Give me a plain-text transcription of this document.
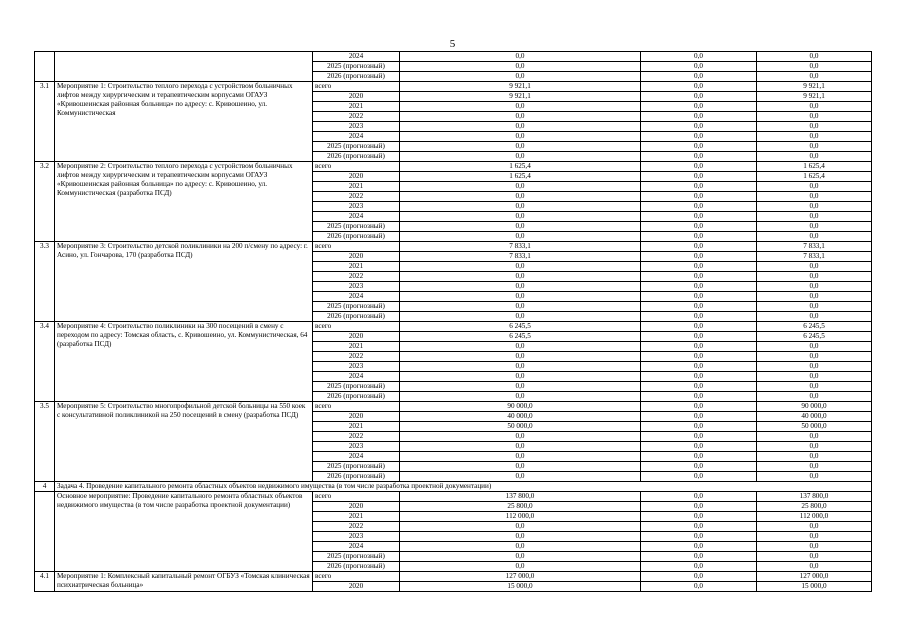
5
		2024	0,0	0,0	0,0
		2025 (прогнозный)	0,0	0,0	0,0
		2026 (прогнозный)	0,0	0,0	0,0
3.1	Мероприятие 1: Строительство теплого перехода с устройством больничных лифтов между хирургическим и терапевтическим корпусами ОГАУЗ «Кривошеинская районная больница» по адресу: с. Кривошеино, ул. Коммунистическая	всего	9 921,1	0,0	9 921,1
		2020	9 921,1	0,0	9 921,1
		2021	0,0	0,0	0,0
		2022	0,0	0,0	0,0
		2023	0,0	0,0	0,0
		2024	0,0	0,0	0,0
		2025 (прогнозный)	0,0	0,0	0,0
		2026 (прогнозный)	0,0	0,0	0,0
3.2	Мероприятие 2: Строительство теплого перехода с устройством больничных лифтов между хирургическим и терапевтическим корпусами ОГАУЗ «Кривошеинская районная больница» по адресу: с. Кривошеино, ул. Коммунистическая (разработка ПСД)	всего	1 625,4	0,0	1 625,4
		2020	1 625,4	0,0	1 625,4
		2021	0,0	0,0	0,0
		2022	0,0	0,0	0,0
		2023	0,0	0,0	0,0
		2024	0,0	0,0	0,0
		2025 (прогнозный)	0,0	0,0	0,0
		2026 (прогнозный)	0,0	0,0	0,0
3.3	Мероприятие 3: Строительство детской поликлиники на 200 п/смену по адресу: г. Асино, ул. Гончарова, 170 (разработка ПСД)	всего	7 833,1	0,0	7 833,1
		2020	7 833,1	0,0	7 833,1
		2021	0,0	0,0	0,0
		2022	0,0	0,0	0,0
		2023	0,0	0,0	0,0
		2024	0,0	0,0	0,0
		2025 (прогнозный)	0,0	0,0	0,0
		2026 (прогнозный)	0,0	0,0	0,0
3.4	Мероприятие 4: Строительство поликлиники на 300 посещений в смену с переходом по адресу: Томская область, с. Кривошеино, ул. Коммунистическая, 64 (разработка ПСД)	всего	6 245,5	0,0	6 245,5
		2020	6 245,5	0,0	6 245,5
		2021	0,0	0,0	0,0
		2022	0,0	0,0	0,0
		2023	0,0	0,0	0,0
		2024	0,0	0,0	0,0
		2025 (прогнозный)	0,0	0,0	0,0
		2026 (прогнозный)	0,0	0,0	0,0
3.5	Мероприятие 5: Строительство многопрофильной детской больницы на 550 коек с консультативной поликлиникой на 250 посещений в смену (разработка ПСД)	всего	90 000,0	0,0	90 000,0
		2020	40 000,0	0,0	40 000,0
		2021	50 000,0	0,0	50 000,0
		2022	0,0	0,0	0,0
		2023	0,0	0,0	0,0
		2024	0,0	0,0	0,0
		2025 (прогнозный)	0,0	0,0	0,0
		2026 (прогнозный)	0,0	0,0	0,0
4	Задача 4. Проведение капитального ремонта областных объектов недвижимого имущества (в том числе разработка проектной документации)				
	Основное мероприятие: Проведение капитального ремонта областных объектов недвижимого имущества (в том числе разработка проектной документации)	всего	137 800,0	0,0	137 800,0
		2020	25 800,0	0,0	25 800,0
		2021	112 000,0	0,0	112 000,0
		2022	0,0	0,0	0,0
		2023	0,0	0,0	0,0
		2024	0,0	0,0	0,0
		2025 (прогнозный)	0,0	0,0	0,0
		2026 (прогнозный)	0,0	0,0	0,0
4.1	Мероприятие 1: Комплексный капитальный ремонт ОГБУЗ «Томская клиническая психиатрическая больница»	всего	127 000,0	0,0	127 000,0
		2020	15 000,0	0,0	15 000,0
